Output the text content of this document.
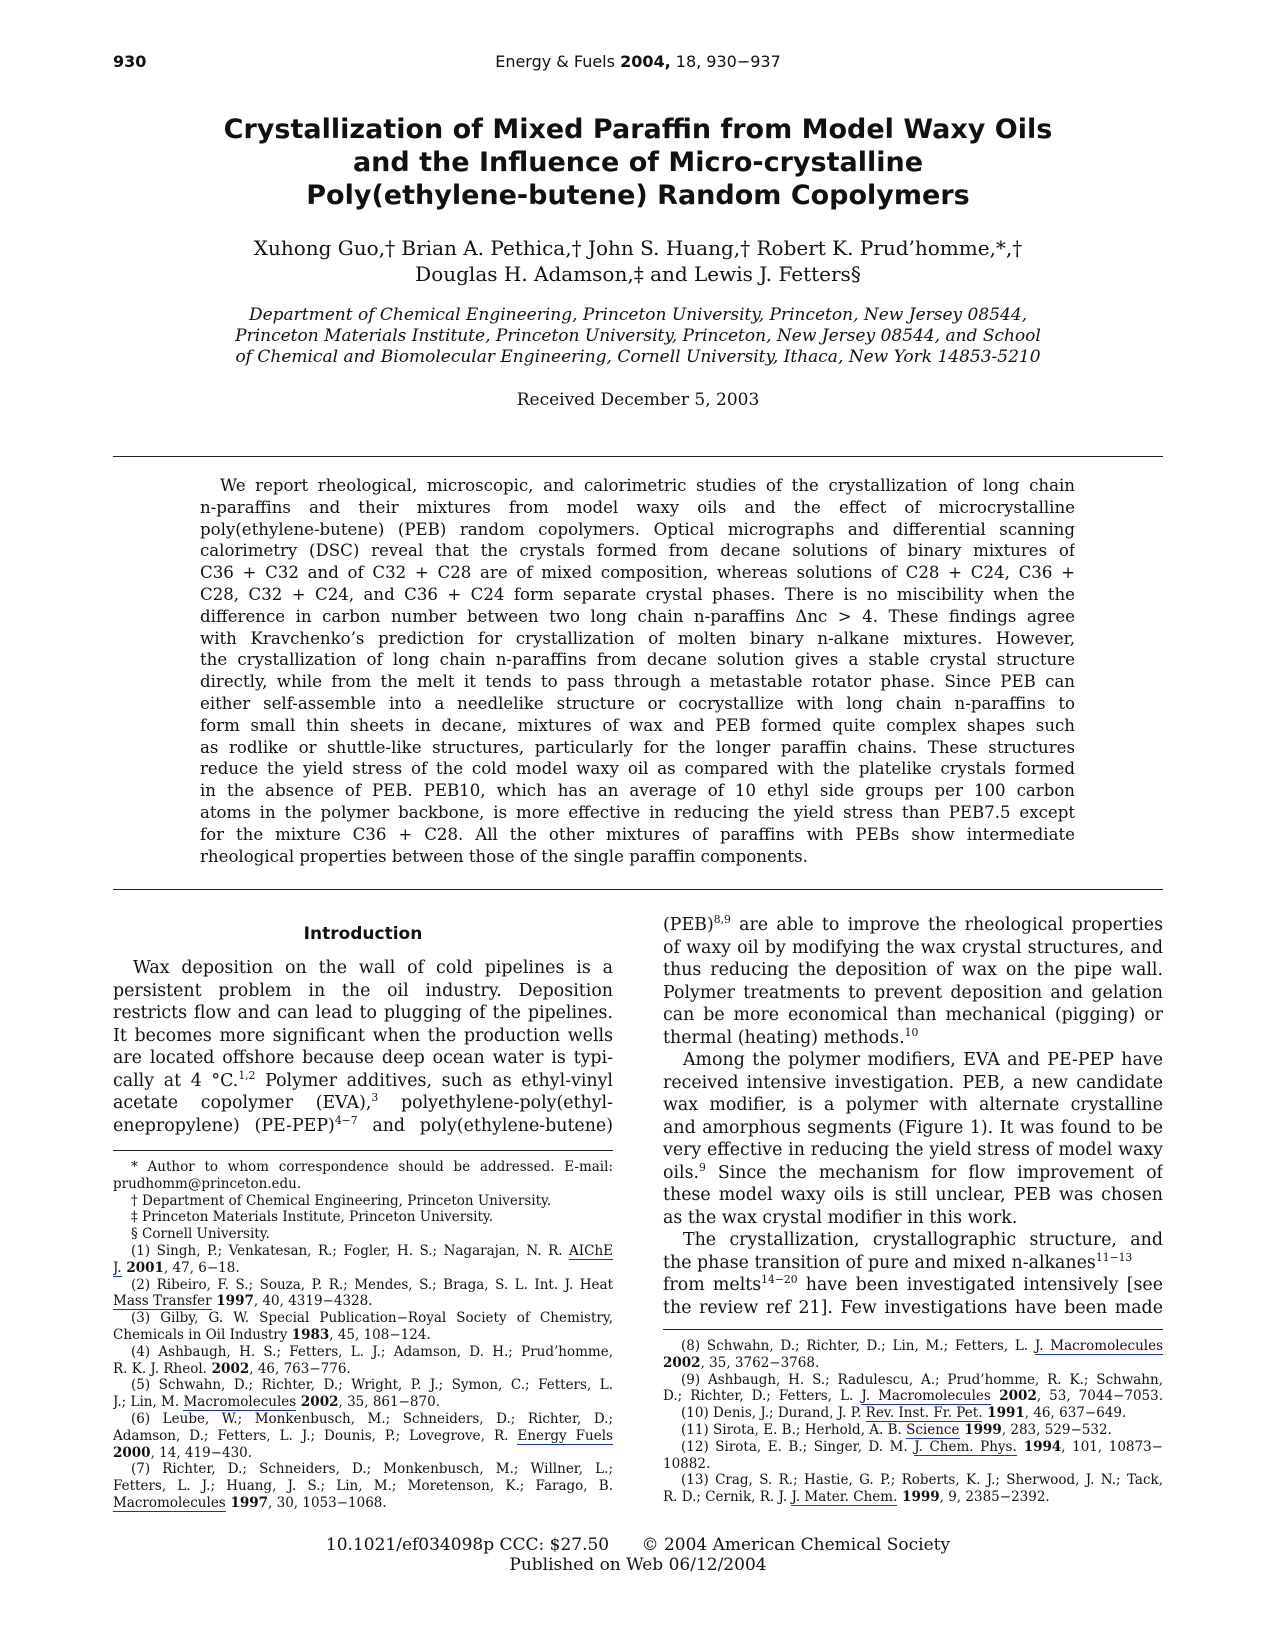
930	Energy & Fuels 2004, 18, 930−937
Crystallization of Mixed Paraffin from Model Waxy Oils
and the Influence of Micro-crystalline
Poly(ethylene-butene) Random Copolymers
Xuhong Guo,† Brian A. Pethica,† John S. Huang,† Robert K. Prud’homme,*,†
Douglas H. Adamson,‡ and Lewis J. Fetters§
Department of Chemical Engineering, Princeton University, Princeton, New Jersey 08544,
Princeton Materials Institute, Princeton University, Princeton, New Jersey 08544, and School
of Chemical and Biomolecular Engineering, Cornell University, Ithaca, New York 14853-5210
Received December 5, 2003
We report rheological, microscopic, and calorimetric studies of the crystallization of long chain
n-paraffins and their mixtures from model waxy oils and the effect of microcrystalline
poly(ethylene-butene) (PEB) random copolymers. Optical micrographs and differential scanning
calorimetry (DSC) reveal that the crystals formed from decane solutions of binary mixtures of
C36 + C32 and of C32 + C28 are of mixed composition, whereas solutions of C28 + C24, C36 +
C28, C32 + C24, and C36 + C24 form separate crystal phases. There is no miscibility when the
difference in carbon number between two long chain n-paraffins Δnc > 4. These findings agree
with Kravchenko’s prediction for crystallization of molten binary n-alkane mixtures. However,
the crystallization of long chain n-paraffins from decane solution gives a stable crystal structure
directly, while from the melt it tends to pass through a metastable rotator phase. Since PEB can
either self-assemble into a needlelike structure or cocrystallize with long chain n-paraffins to
form small thin sheets in decane, mixtures of wax and PEB formed quite complex shapes such
as rodlike or shuttle-like structures, particularly for the longer paraffin chains. These structures
reduce the yield stress of the cold model waxy oil as compared with the platelike crystals formed
in the absence of PEB. PEB10, which has an average of 10 ethyl side groups per 100 carbon
atoms in the polymer backbone, is more effective in reducing the yield stress than PEB7.5 except
for the mixture C36 + C28. All the other mixtures of paraffins with PEBs show intermediate
rheological properties between those of the single paraffin components.
Introduction
Wax deposition on the wall of cold pipelines is a
persistent problem in the oil industry. Deposition
restricts flow and can lead to plugging of the pipelines.
It becomes more significant when the production wells
are located offshore because deep ocean water is typi-
cally at 4 °C.$^{1,2}$ Polymer additives, such as ethyl-vinyl
acetate copolymer (EVA),$^3$ polyethylene-poly(ethyl-
enepropylene) $(PE-PEP)^{4-7}$ and poly(ethylene-butene)
* Author to whom correspondence should be addressed. E-mail:
prudhomm@princeton.edu.
† Department of Chemical Engineering, Princeton University.
‡ Princeton Materials Institute, Princeton University.
§ Cornell University.
(1) Singh, P.; Venkatesan, R.; Fogler, H. S.; Nagarajan, N. R. AIChE
J. 2001, 47, 6−18.
(2) Ribeiro, F. S.; Souza, P. R.; Mendes, S.; Braga, S. L. Int. J. Heat
Mass Transfer 1997, 40, 4319−4328.
(3) Gilby, G. W. Special Publication−Royal Society of Chemistry,
Chemicals in Oil Industry 1983, 45, 108−124.
(4) Ashbaugh, H. S.; Fetters, L. J.; Adamson, D. H.; Prud’homme,
R. K. J. Rheol. 2002, 46, 763−776.
(5) Schwahn, D.; Richter, D.; Wright, P. J.; Symon, C.; Fetters, L.
J.; Lin, M. Macromolecules 2002, 35, 861−870.
(6) Leube, W.; Monkenbusch, M.; Schneiders, D.; Richter, D.;
Adamson, D.; Fetters, L. J.; Dounis, P.; Lovegrove, R. Energy Fuels
2000, 14, 419−430.
(7) Richter, D.; Schneiders, D.; Monkenbusch, M.; Willner, L.;
Fetters, L. J.; Huang, J. S.; Lin, M.; Moretenson, K.; Farago, B.
Macromolecules 1997, 30, 1053−1068.
(PEB)$^{8,9}$ are able to improve the rheological properties
of waxy oil by modifying the wax crystal structures, and
thus reducing the deposition of wax on the pipe wall.
Polymer treatments to prevent deposition and gelation
can be more economical than mechanical (pigging) or
thermal (heating) methods.$^{10}$
Among the polymer modifiers, EVA and PE-PEP have
received intensive investigation. PEB, a new candidate
wax modifier, is a polymer with alternate crystalline
and amorphous segments (Figure 1). It was found to be
very effective in reducing the yield stress of model waxy
oils.$^9$ Since the mechanism for flow improvement of
these model waxy oils is still unclear, PEB was chosen
as the wax crystal modifier in this work.
The crystallization, crystallographic structure, and
the phase transition of pure and mixed n-alkanes$^{11-13}$
from melts$^{14-20}$ have been investigated intensively [see
the review ref 21]. Few investigations have been made
(8) Schwahn, D.; Richter, D.; Lin, M.; Fetters, L. J. Macromolecules
2002, 35, 3762−3768.
(9) Ashbaugh, H. S.; Radulescu, A.; Prud’homme, R. K.; Schwahn,
D.; Richter, D.; Fetters, L. J. Macromolecules 2002, 53, 7044−7053.
(10) Denis, J.; Durand, J. P. Rev. Inst. Fr. Pet. 1991, 46, 637−649.
(11) Sirota, E. B.; Herhold, A. B. Science 1999, 283, 529−532.
(12) Sirota, E. B.; Singer, D. M. J. Chem. Phys. 1994, 101, 10873−
10882.
(13) Crag, S. R.; Hastie, G. P.; Roberts, K. J.; Sherwood, J. N.; Tack,
R. D.; Cernik, R. J. J. Mater. Chem. 1999, 9, 2385−2392.
10.1021/ef034098p CCC: $27.50 © 2004 American Chemical Society
Published on Web 06/12/2004
